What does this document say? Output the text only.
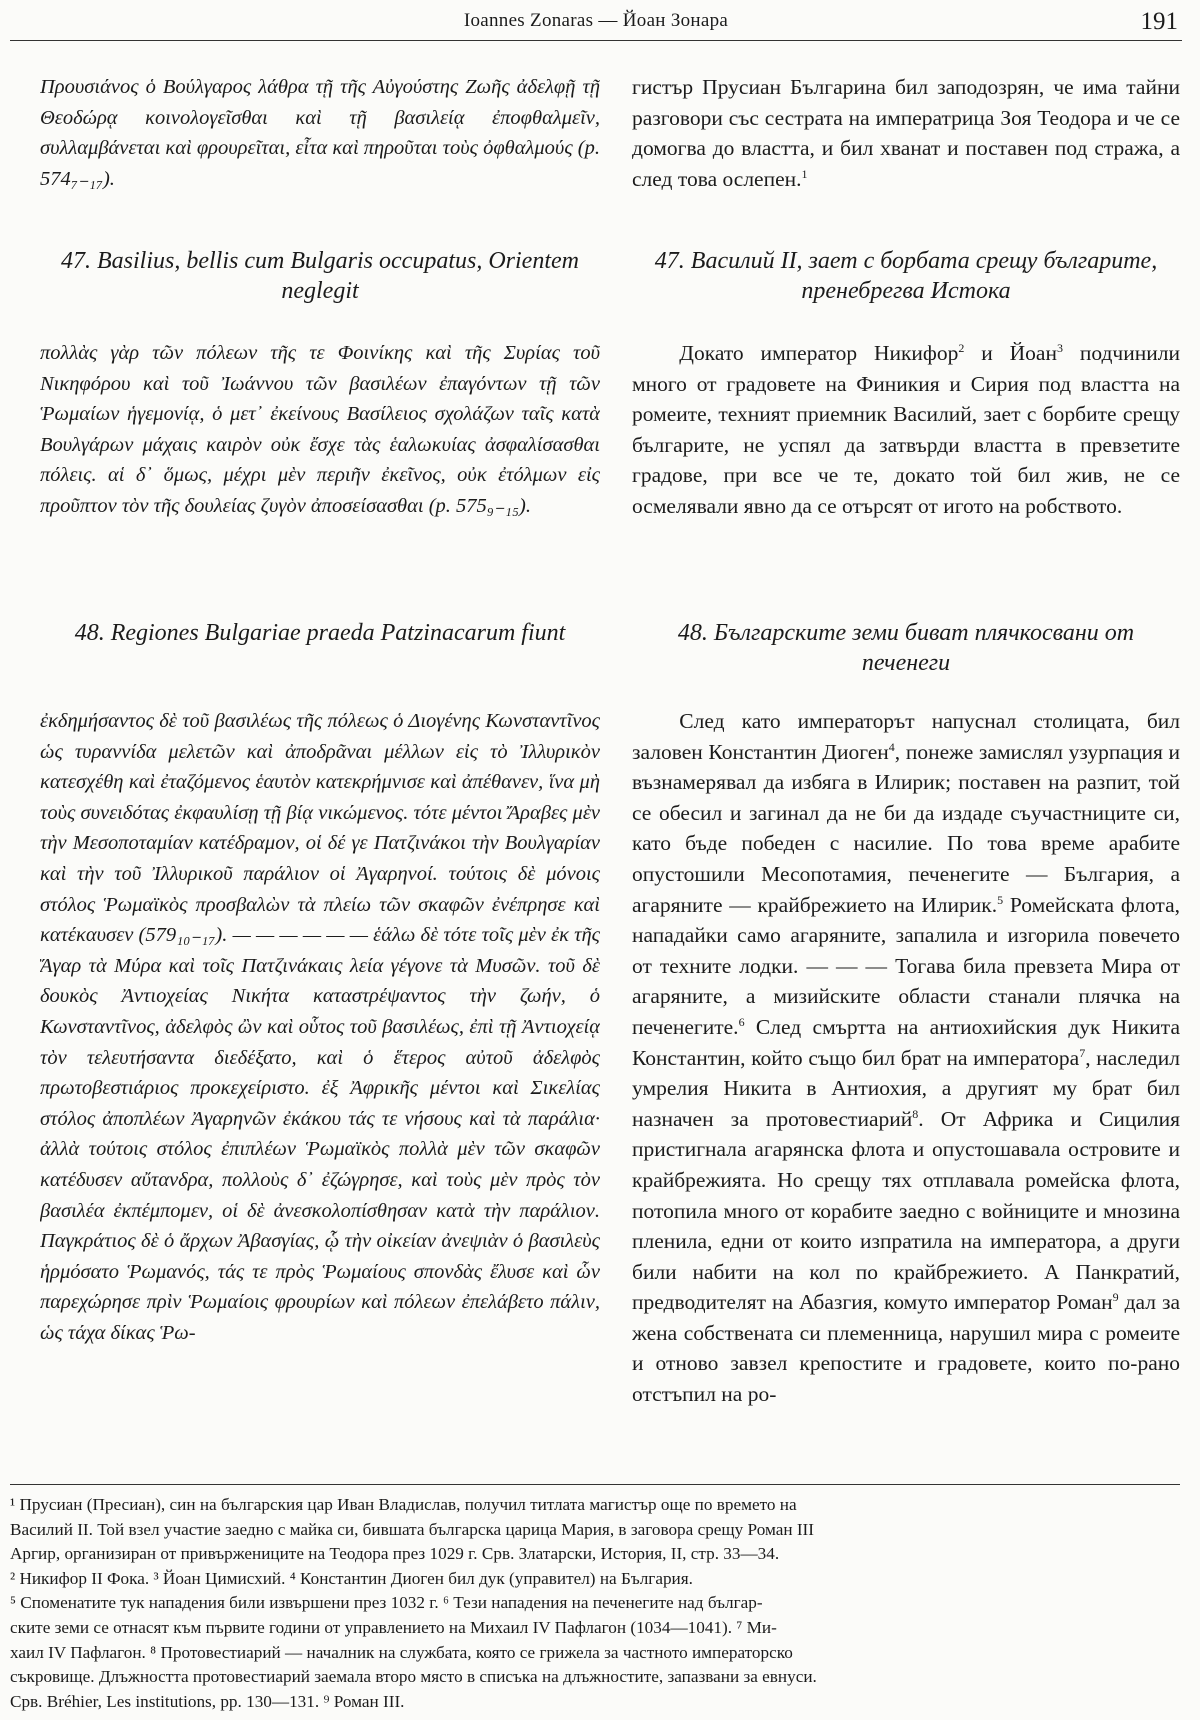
Ioannes Zonaras — Йоан Зонара	191

Προυσιάνος ὁ Βούλγαρος λάθρα τῇ τῆς Αὐγούστης Ζωῆς ἀδελφῇ τῇ Θεοδώρᾳ κοινολογεῖσθαι καὶ τῇ βασιλείᾳ ἐποφθαλμεῖν, συλλαμβάνεται καὶ φρουρεῖται, εἶτα καὶ πηροῦται τοὺς ὀφθαλμούς (p. 574₇₋₁₇).

47. Basilius, bellis cum Bulgaris occupatus, Orientem neglegit

πολλὰς γὰρ τῶν πόλεων τῆς τε Φοινίκης καὶ τῆς Συρίας τοῦ Νικηφόρου καὶ τοῦ Ἰωάννου τῶν βασιλέων ἐπαγόντων τῇ τῶν Ῥωμαίων ἡγεμονίᾳ, ὁ μετ᾿ ἐκείνους Βασίλειος σχολάζων ταῖς κατὰ Βουλγάρων μάχαις καιρὸν οὐκ ἔσχε τὰς ἑαλωκυίας ἀσφαλίσασθαι πόλεις. αἱ δ᾿ ὅμως, μέχρι μὲν περιῆν ἐκεῖνος, οὐκ ἐτόλμων εἰς προῦπτον τὸν τῆς δουλείας ζυγὸν ἀποσείσασθαι (p. 575₉₋₁₅).

48. Regiones Bulgariae praeda Patzinacarum fiunt

ἐκδημήσαντος δὲ τοῦ βασιλέως τῆς πόλεως ὁ Διογένης Κωνσταντῖνος ὡς τυραννίδα μελετῶν καὶ ἀποδρᾶναι μέλλων εἰς τὸ Ἰλλυρικὸν κατεσχέθη καὶ ἐταζόμενος ἑαυτὸν κατεκρήμνισε καὶ ἀπέθανεν, ἵνα μὴ τοὺς συνειδότας ἐκφαυλίσῃ τῇ βίᾳ νικώμενος. τότε μέντοι Ἄραβες μὲν τὴν Μεσοποταμίαν κατέδραμον, οἱ δέ γε Πατζινάκοι τὴν Βουλγαρίαν καὶ τὴν τοῦ Ἰλλυρικοῦ παράλιον οἱ Ἀγαρηνοί. τούτοις δὲ μόνοις στόλος Ῥωμαϊκὸς προσβαλὼν τὰ πλείω τῶν σκαφῶν ἐνέπρησε καὶ κατέκαυσεν (579₁₀₋₁₇). — — — — — — ἑάλω δὲ τότε τοῖς μὲν ἐκ τῆς Ἄγαρ τὰ Μύρα καὶ τοῖς Πατζινάκαις λεία γέγονε τὰ Μυσῶν. τοῦ δὲ δουκὸς Ἀντιοχείας Νικήτα καταστρέψαντος τὴν ζωήν, ὁ Κωνσταντῖνος, ἀδελφὸς ὢν καὶ οὗτος τοῦ βασιλέως, ἐπὶ τῇ Ἀντιοχείᾳ τὸν τελευτήσαντα διεδέξατο, καὶ ὁ ἕτερος αὐτοῦ ἀδελφὸς πρωτοβεστιάριος προκεχείριστο. ἐξ Ἀφρικῆς μέντοι καὶ Σικελίας στόλος ἀποπλέων Ἀγαρηνῶν ἐκάκου τάς τε νήσους καὶ τὰ παράλια· ἀλλὰ τούτοις στόλος ἐπιπλέων Ῥωμαϊκὸς πολλὰ μὲν τῶν σκαφῶν κατέδυσεν αὔτανδρα, πολλοὺς δ᾿ ἐζώγρησε, καὶ τοὺς μὲν πρὸς τὸν βασιλέα ἐκπέμπομεν, οἱ δὲ ἀνεσκολοπίσθησαν κατὰ τὴν παράλιον. Παγκράτιος δὲ ὁ ἄρχων Ἀβασγίας, ᾧ τὴν οἰκείαν ἀνεψιὰν ὁ βασιλεὺς ἡρμόσατο Ῥωμανός, τάς τε πρὸς Ῥωμαίους σπονδὰς ἔλυσε καὶ ὧν παρεχώρησε πρὶν Ῥωμαίοις φρουρίων καὶ πόλεων ἐπελάβετο πάλιν, ὡς τάχα δίκας Ῥω-

гистър Прусиан Българина бил заподозрян, че има тайни разговори със сестрата на императрица Зоя Теодора и че се домогва до властта, и бил хванат и поставен под стража, а след това ослепен.$^1$

47. Василий II, зает с борбата срещу българите, пренебрегва Истока

Докато император Никифор$^2$ и Йоан$^3$ подчинили много от градовете на Финикия и Сирия под властта на ромеите, техният приемник Василий, зает с борбите срещу българите, не успял да затвърди властта в превзетите градове, при все че те, докато той бил жив, не се осмелявали явно да се отърсят от игото на робството.

48. Българските земи биват плячкосвани от печенеги

След като императорът напуснал столицата, бил заловен Константин Диоген$^4$, понеже замислял узурпация и възнамерявал да избяга в Илирик; поставен на разпит, той се обесил и загинал да не би да издаде съучастниците си, като бъде победен с насилие. По това време арабите опустошили Месопотамия, печенегите — България, а агаряните — крайбрежието на Илирик.$^5$ Ромейската флота, нападайки само агаряните, запалила и изгорила повечето от техните лодки. — — — Тогава била превзета Мира от агаряните, а мизийските области станали плячка на печенегите.$^6$ След смъртта на антиохийския дук Никита Константин, който също бил брат на императора$^7$, наследил умрелия Никита в Антиохия, а другият му брат бил назначен за протовестиарий$^8$. От Африка и Сицилия пристигнала агарянска флота и опустошавала островите и крайбрежията. Но срещу тях отплавала ромейска флота, потопила много от корабите заедно с войниците и мнозина пленила, едни от които изпратила на императора, а други били набити на кол по крайбрежието. А Панкратий, предводителят на Абазгия, комуто император Роман$^9$ дал за жена собствената си племенница, нарушил мира с ромеите и отново завзел крепостите и градовете, които по-рано отстъпил на ро-

¹ Прусиан (Пресиан), син на българския цар Иван Владислав, получил титлата магистър още по времето на

Василий II. Той взел участие заедно с майка си, бившата българска царица Мария, в заговора срещу Роман III

Аргир, организиран от привържениците на Теодора през 1029 г. Срв. Златарски, История, II, стр. 33—34.

² Никифор II Фока. ³ Йоан Цимисхий. ⁴ Константин Диоген бил дук (управител) на България.

⁵ Споменатите тук нападения били извършени през 1032 г. ⁶ Тези нападения на печенегите над българ-

ските земи се отнасят към първите години от управлението на Михаил IV Пафлагон (1034—1041). ⁷ Ми-

хаил IV Пафлагон. ⁸ Протовестиарий — началник на службата, която се грижела за частното императорско

съкровище. Длъжността протовестиарий заемала второ място в списъка на длъжностите, запазвани за евнуси.

Срв. Bréhier, Les institutions, pp. 130—131. ⁹ Роман III.
